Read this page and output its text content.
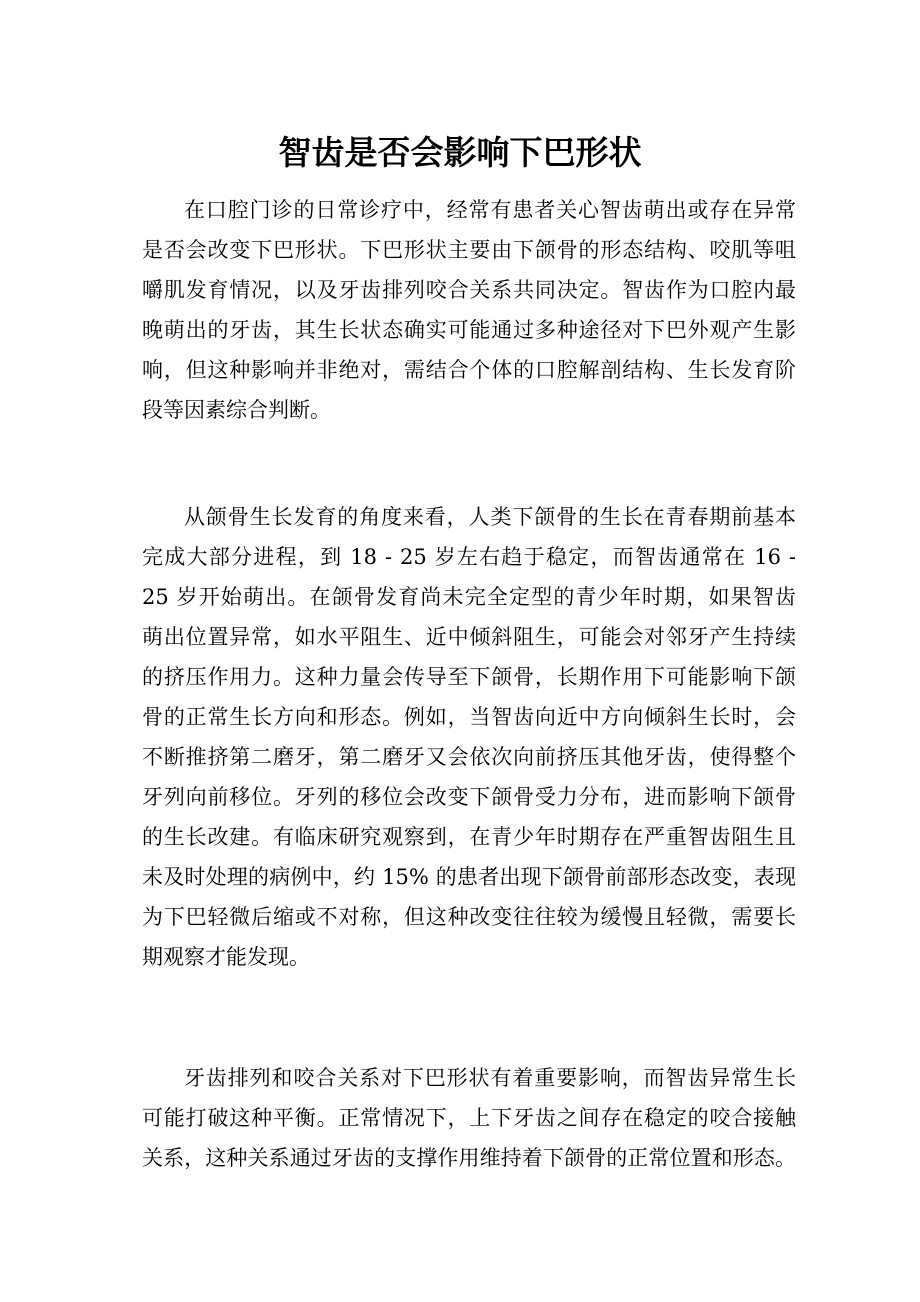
智齿是否会影响下巴形状
在口腔门诊的日常诊疗中，经常有患者关心智齿萌出或存在异常
是否会改变下巴形状。下巴形状主要由下颌骨的形态结构、咬肌等咀
嚼肌发育情况，以及牙齿排列咬合关系共同决定。智齿作为口腔内最
晚萌出的牙齿，其生长状态确实可能通过多种途径对下巴外观产生影
响，但这种影响并非绝对，需结合个体的口腔解剖结构、生长发育阶
段等因素综合判断。
从颌骨生长发育的角度来看，人类下颌骨的生长在青春期前基本
完成大部分进程，到 18 - 25 岁左右趋于稳定，而智齿通常在 16 -
25 岁开始萌出。在颌骨发育尚未完全定型的青少年时期，如果智齿
萌出位置异常，如水平阻生、近中倾斜阻生，可能会对邻牙产生持续
的挤压作用力。这种力量会传导至下颌骨，长期作用下可能影响下颌
骨的正常生长方向和形态。例如，当智齿向近中方向倾斜生长时，会
不断推挤第二磨牙，第二磨牙又会依次向前挤压其他牙齿，使得整个
牙列向前移位。牙列的移位会改变下颌骨受力分布，进而影响下颌骨
的生长改建。有临床研究观察到，在青少年时期存在严重智齿阻生且
未及时处理的病例中，约 15% 的患者出现下颌骨前部形态改变，表现
为下巴轻微后缩或不对称，但这种改变往往较为缓慢且轻微，需要长
期观察才能发现。
牙齿排列和咬合关系对下巴形状有着重要影响，而智齿异常生长
可能打破这种平衡。正常情况下，上下牙齿之间存在稳定的咬合接触
关系，这种关系通过牙齿的支撑作用维持着下颌骨的正常位置和形态。
